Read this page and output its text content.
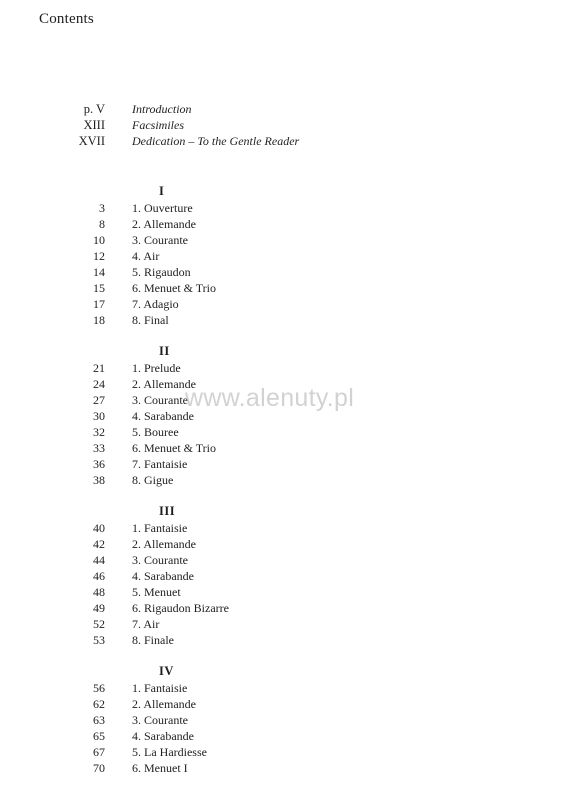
Contents
p. V	Introduction
XIII	Facsimiles
XVII	Dedication – To the Gentle Reader
I
3	1. Ouverture
8	2. Allemande
10	3. Courante
12	4. Air
14	5. Rigaudon
15	6. Menuet & Trio
17	7. Adagio
18	8. Final
II
21	1. Prelude
24	2. Allemande
27	3. Courante
30	4. Sarabande
32	5. Bouree
33	6. Menuet & Trio
36	7. Fantaisie
38	8. Gigue
III
40	1. Fantaisie
42	2. Allemande
44	3. Courante
46	4. Sarabande
48	5. Menuet
49	6. Rigaudon Bizarre
52	7. Air
53	8. Finale
IV
56	1. Fantaisie
62	2. Allemande
63	3. Courante
65	4. Sarabande
67	5. La Hardiesse
70	6. Menuet I
www.alenuty.pl
